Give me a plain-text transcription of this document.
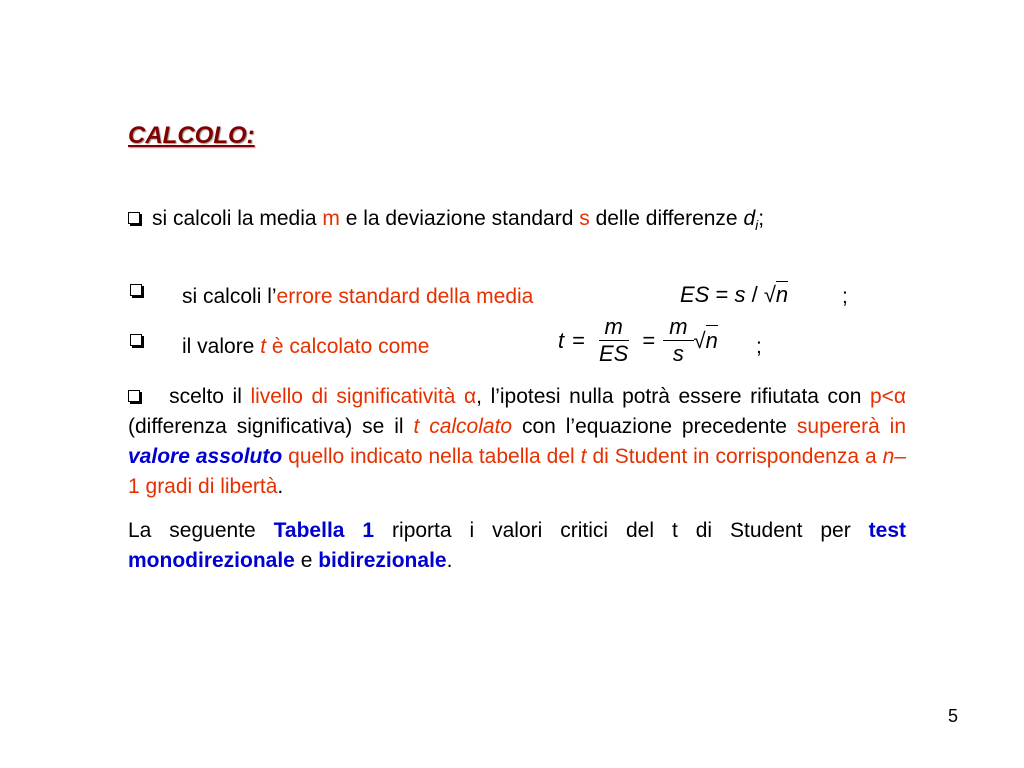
CALCOLO:
si calcoli la media m e la deviazione standard s delle differenze $d_i$;
si calcoli l’errore standard della media	ES = s / √n	;
il valore t è calcolato come	$t = \frac{m}{ES} = \frac{m}{s}$ √ n ;
scelto il livello di significatività α, l’ipotesi nulla potrà essere rifiutata con p<α (differenza significativa) se il t calcolato con l’equazione precedente supererà in valore assoluto quello indicato nella tabella del t di Student in corrispondenza a n–1 gradi di libertà.
La seguente Tabella 1 riporta i valori critici del t di Student per test monodirezionale e bidirezionale.
5
